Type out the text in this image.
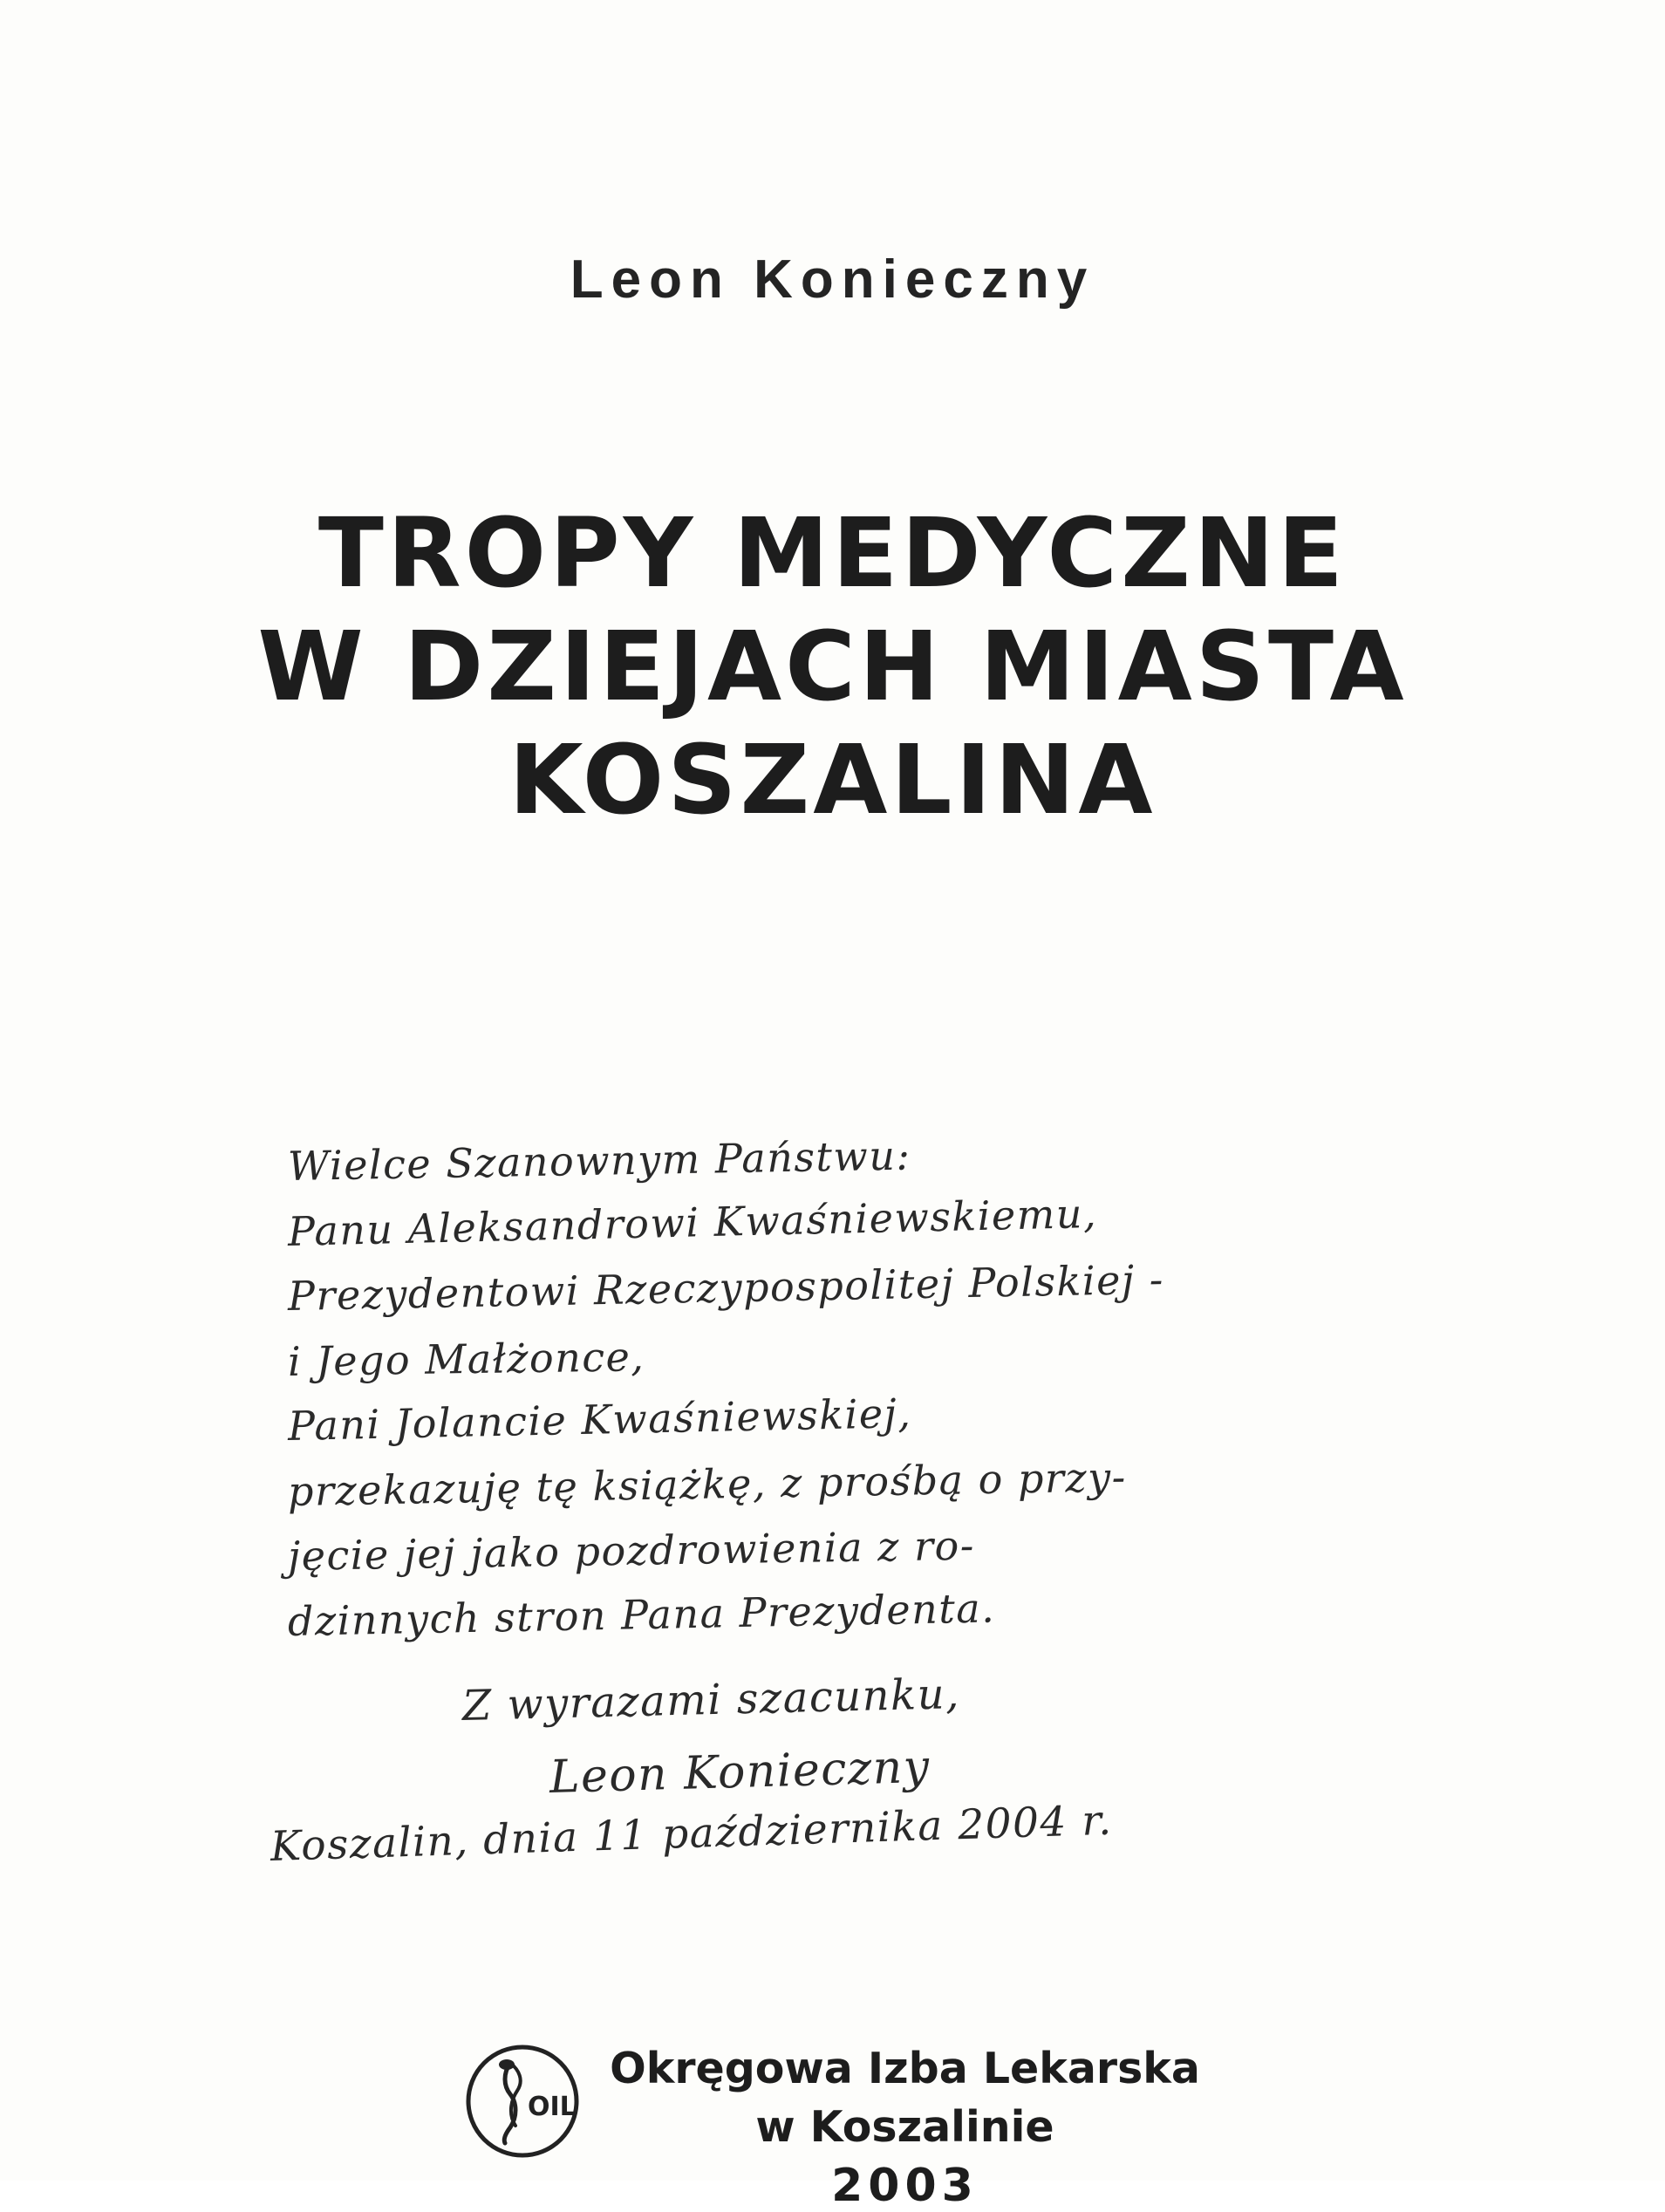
Leon Konieczny
TROPY MEDYCZNE
W DZIEJACH MIASTA
KOSZALINA
Wielce Szanownym Państwu:
Panu Aleksandrowi Kwaśniewskiemu,
Prezydentowi Rzeczypospolitej Polskiej -
i Jego Małżonce,
Pani Jolancie Kwaśniewskiej,
przekazuję tę książkę, z prośbą o przy-
jęcie jej jako pozdrowienia z ro-
dzinnych stron Pana Prezydenta.
Z wyrazami szacunku,
Leon Konieczny
Koszalin, dnia 11 października 2004 r.
OIL
Okręgowa Izba Lekarska
w Koszalinie
2003
